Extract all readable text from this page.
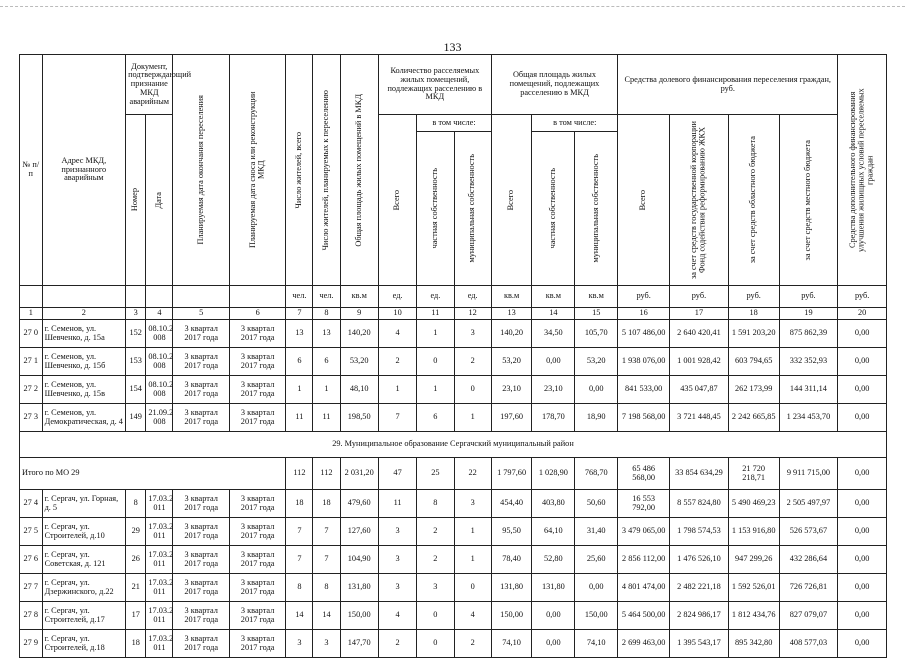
133
№ п/п	Адрес МКД, признанного аварийным	Документ, подтверждающий признание МКД аварийным		Планируемая дата окончания переселения	Планируемая дата сноса или реконструкции МКД	Число жителей, всего	Число жителей, планируемых к переселению	Общая площадь жилых помещений в МКД	Количество расселяемых жилых помещений, подлежащих расселению в МКД			Общая площадь жилых помещений, подлежащих расселению в МКД			Средства долевого финансирования переселения граждан, руб.				Средства дополнительного финансирования улучшения жилищных условий переселяемых граждан

		Номер	Дата						Всего	в том числе:		Всего	в том числе:		Всего	за счет средств государственной корпорации Фонд содействия реформированию ЖКХ	за счет средств областного бюджета	за счет средств местного бюджета	

										частная собственность	муниципальная собственность		частная собственность	муниципальная собственность					

						чел.	чел.	кв.м	ед.	ед.	ед.	кв.м	кв.м	кв.м	руб.	руб.	руб.	руб.	руб.
1	2	3	4	5	6	7	8	9	10	11	12	13	14	15	16	17	18	19	20
27 0	г. Семенов, ул. Шевченко, д. 15а	152	08.10.2 008	3 квартал 2017 года	3 квартал 2017 года	13	13	140,20	4	1	3	140,20	34,50	105,70	5 107 486,00	2 640 420,41	1 591 203,20	875 862,39	0,00
27 1	г. Семенов, ул. Шевченко, д. 15б	153	08.10.2 008	3 квартал 2017 года	3 квартал 2017 года	6	6	53,20	2	0	2	53,20	0,00	53,20	1 938 076,00	1 001 928,42	603 794,65	332 352,93	0,00
27 2	г. Семенов, ул. Шевченко, д. 15в	154	08.10.2 008	3 квартал 2017 года	3 квартал 2017 года	1	1	48,10	1	1	0	23,10	23,10	0,00	841 533,00	435 047,87	262 173,99	144 311,14	0,00
27 3	г. Семенов, ул. Демократическая, д. 4	149	21.09.2 008	3 квартал 2017 года	3 квартал 2017 года	11	11	198,50	7	6	1	197,60	178,70	18,90	7 198 568,00	3 721 448,45	2 242 665,85	1 234 453,70	0,00
29. Муниципальное образование Сергачский муниципальный район																			
Итого по МО 29						112	112	2 031,20	47	25	22	1 797,60	1 028,90	768,70	65 486 568,00	33 854 634,29	21 720 218,71	9 911 715,00	0,00
27 4	г. Сергач, ул. Горная, д. 5	8	17.03.2 011	3 квартал 2017 года	3 квартал 2017 года	18	18	479,60	11	8	3	454,40	403,80	50,60	16 553 792,00	8 557 824,80	5 490 469,23	2 505 497,97	0,00
27 5	г. Сергач, ул. Строителей, д.10	29	17.03.2 011	3 квартал 2017 года	3 квартал 2017 года	7	7	127,60	3	2	1	95,50	64,10	31,40	3 479 065,00	1 798 574,53	1 153 916,80	526 573,67	0,00
27 6	г. Сергач, ул. Советская, д. 121	26	17.03.2 011	3 квартал 2017 года	3 квартал 2017 года	7	7	104,90	3	2	1	78,40	52,80	25,60	2 856 112,00	1 476 526,10	947 299,26	432 286,64	0,00
27 7	г. Сергач, ул. Дзержинского, д.22	21	17.03.2 011	3 квартал 2017 года	3 квартал 2017 года	8	8	131,80	3	3	0	131,80	131,80	0,00	4 801 474,00	2 482 221,18	1 592 526,01	726 726,81	0,00
27 8	г. Сергач, ул. Строителей, д.17	17	17.03.2 011	3 квартал 2017 года	3 квартал 2017 года	14	14	150,00	4	0	4	150,00	0,00	150,00	5 464 500,00	2 824 986,17	1 812 434,76	827 079,07	0,00
27 9	г. Сергач, ул. Строителей, д.18	18	17.03.2 011	3 квартал 2017 года	3 квартал 2017 года	3	3	147,70	2	0	2	74,10	0,00	74,10	2 699 463,00	1 395 543,17	895 342,80	408 577,03	0,00
